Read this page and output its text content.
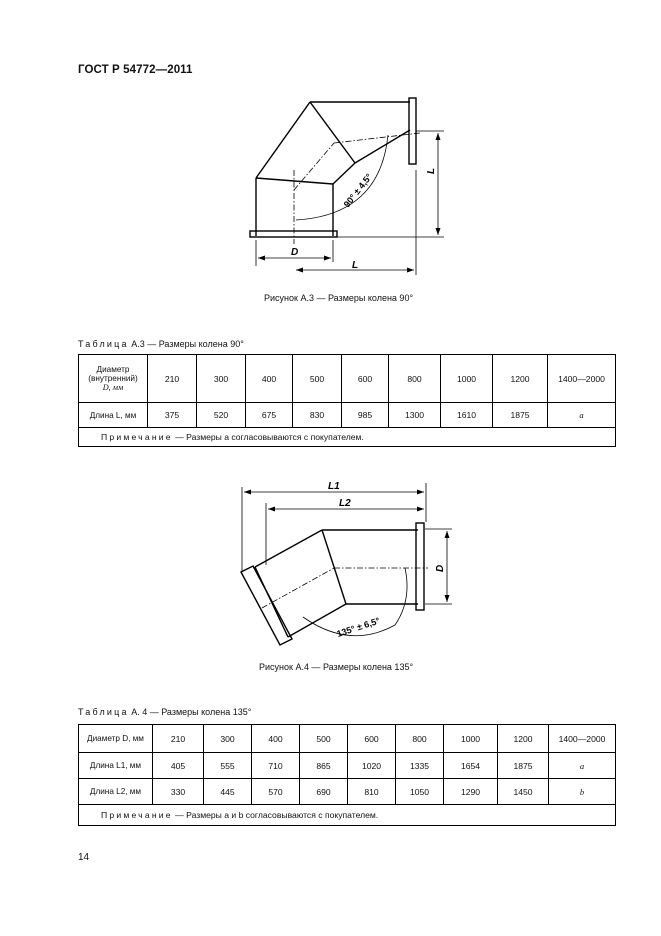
ГОСТ Р 54772—2011
L
D
L
90° ± 4,5°
Рисунок А.3 — Размеры колена 90°
Таблица А.3 — Размеры колена 90°
Диаметр
(внутренний)
D, мм	210	300	400	500	600	800	1000	1200	1400—2000
Длина L, мм	375	520	675	830	985	1300	1610	1875	a
Примечание — Размеры a согласовываются с покупателем.									
L1
L2
D
135° ± 6,5°
Рисунок А.4 — Размеры колена 135°
Таблица А. 4 — Размеры колена 135°
Диаметр D, мм	210	300	400	500	600	800	1000	1200	1400—2000
Длина L1, мм	405	555	710	865	1020	1335	1654	1875	a
Длина L2, мм	330	445	570	690	810	1050	1290	1450	b
Примечание — Размеры a и b согласовываются с покупателем.									
14
